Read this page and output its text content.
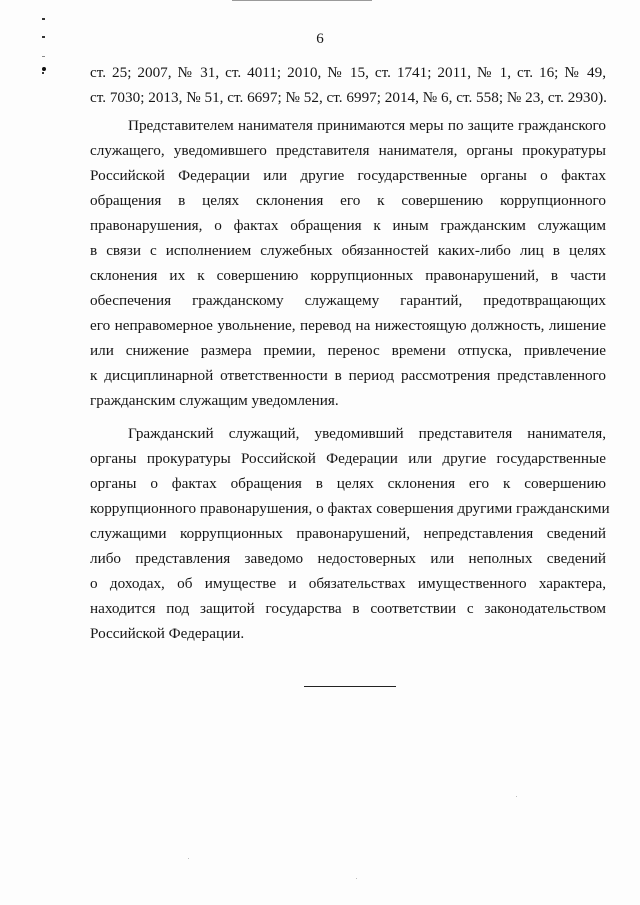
6
ст. 25; 2007, № 31, ст. 4011; 2010, № 15, ст. 1741; 2011, № 1, ст. 16; № 49,
ст. 7030; 2013, № 51, ст. 6697; № 52, ст. 6997; 2014, № 6, ст. 558; № 23, ст. 2930).
Представителем нанимателя принимаются меры по защите гражданского
служащего, уведомившего представителя нанимателя, органы прокуратуры
Российской Федерации или другие государственные органы о фактах
обращения в целях склонения его к совершению коррупционного
правонарушения, о фактах обращения к иным гражданским служащим
в связи с исполнением служебных обязанностей каких-либо лиц в целях
склонения их к совершению коррупционных правонарушений, в части
обеспечения гражданскому служащему гарантий, предотвращающих
его неправомерное увольнение, перевод на нижестоящую должность, лишение
или снижение размера премии, перенос времени отпуска, привлечение
к дисциплинарной ответственности в период рассмотрения представленного
гражданским служащим уведомления.
Гражданский служащий, уведомивший представителя нанимателя,
органы прокуратуры Российской Федерации или другие государственные
органы о фактах обращения в целях склонения его к совершению
коррупционного правонарушения, о фактах совершения другими гражданскими
служащими коррупционных правонарушений, непредставления сведений
либо представления заведомо недостоверных или неполных сведений
о доходах, об имуществе и обязательствах имущественного характера,
находится под защитой государства в соответствии с законодательством
Российской Федерации.
